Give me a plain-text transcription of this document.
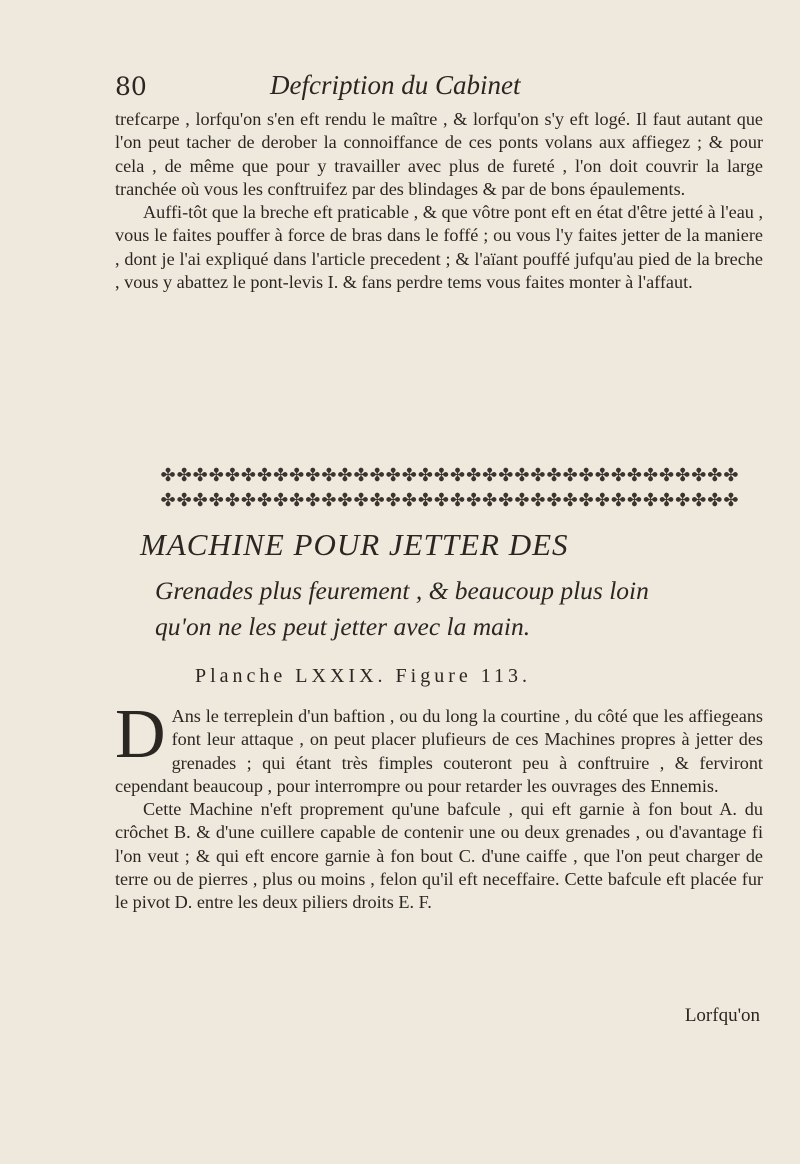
80	Defcription du Cabinet

trefcarpe , lorfqu'on s'en eft rendu le maître , & lorfqu'on s'y eft logé. Il faut autant que l'on peut tacher de derober la connoiffance de ces ponts volans aux affiegez ; & pour cela , de même que pour y travailler avec plus de fureté , l'on doit couvrir la large tranchée où vous les conftruifez par des blindages & par de bons épaulements.

Auffi-tôt que la breche eft praticable , & que vôtre pont eft en état d'être jetté à l'eau , vous le faites pouffer à force de bras dans le foffé ; ou vous l'y faites jetter de la maniere , dont je l'ai expliqué dans l'article precedent ; & l'aïant pouffé jufqu'au pied de la breche , vous y abattez le pont-levis I. & fans perdre tems vous faites monter à l'affaut.

✤✤✤✤✤✤✤✤✤✤✤✤✤✤✤✤✤✤✤✤✤✤✤✤✤✤✤✤✤✤✤✤✤✤✤✤
✤✤✤✤✤✤✤✤✤✤✤✤✤✤✤✤✤✤✤✤✤✤✤✤✤✤✤✤✤✤✤✤✤✤✤✤
MACHINE POUR JETTER DES
Grenades plus feurement , & beaucoup plus loin
qu'on ne les peut jetter avec la main.
Planche LXXIX. Figure 113.

D Ans le terreplein d'un baftion , ou du long la courtine , du côté que les affiegeans font leur attaque , on peut placer plufieurs de ces Machines propres à jetter des grenades ; qui étant très fimples couteront peu à conftruire , & ferviront cependant beaucoup , pour interrompre ou pour retarder les ouvrages des Ennemis.

Cette Machine n'eft proprement qu'une bafcule , qui eft garnie à fon bout A. du crôchet B. & d'une cuillere capable de contenir une ou deux grenades , ou d'avantage fi l'on veut ; & qui eft encore garnie à fon bout C. d'une caiffe , que l'on peut charger de terre ou de pierres , plus ou moins , felon qu'il eft neceffaire. Cette bafcule eft placée fur le pivot D. entre les deux piliers droits E. F.

Lorfqu'on
